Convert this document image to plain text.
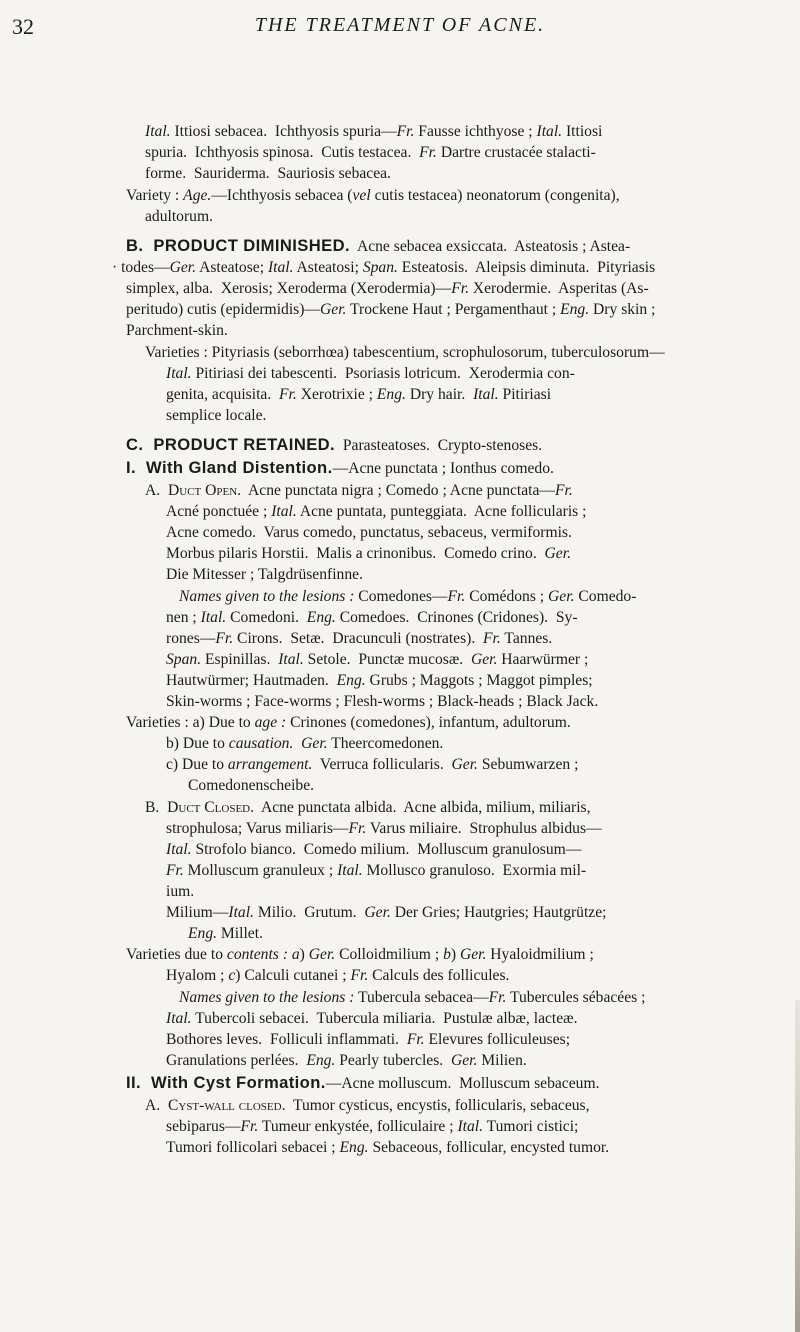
32	THE TREATMENT OF ACNE.
Ital. Ittiosi sebacea.  Ichthyosis spuria—Fr. Fausse ichthyose ; Ital. Ittiosi
spuria.  Ichthyosis spinosa.  Cutis testacea.  Fr. Dartre crustacée stalacti-
forme.  Sauriderma.  Sauriosis sebacea.
Variety : Age.—Ichthyosis sebacea (vel cutis testacea) neonatorum (congenita),
adultorum.
B.  PRODUCT DIMINISHED.  Acne sebacea exsiccata.  Asteatosis ; Astea-
· todes—Ger. Asteatose; Ital. Asteatosi; Span. Esteatosis.  Aleipsis diminuta.  Pityriasis
simplex, alba.  Xerosis; Xeroderma (Xerodermia)—Fr. Xerodermie.  Asperitas (As-
peritudo) cutis (epidermidis)—Ger. Trockene Haut ; Pergamenthaut ; Eng. Dry skin ;
Parchment-skin.
Varieties : Pityriasis (seborrhœa) tabescentium, scrophulosorum, tuberculosorum—
Ital. Pitiriasi dei tabescenti.  Psoriasis lotricum.  Xerodermia con-
genita, acquisita.  Fr. Xerotrixie ; Eng. Dry hair.  Ital. Pitiriasi
semplice locale.
C.  PRODUCT RETAINED.  Parasteatoses.  Crypto-stenoses.
I.  With Gland Distention.—Acne punctata ; Ionthus comedo.
A.  Duct Open.  Acne punctata nigra ; Comedo ; Acne punctata—Fr.
Acné ponctuée ; Ital. Acne puntata, punteggiata.  Acne follicularis ;
Acne comedo.  Varus comedo, punctatus, sebaceus, vermiformis.
Morbus pilaris Horstii.  Malis a crinonibus.  Comedo crino.  Ger.
Die Mitesser ; Talgdrüsenfinne.
Names given to the lesions : Comedones—Fr. Comédons ; Ger. Comedo-
nen ; Ital. Comedoni.  Eng. Comedoes.  Crinones (Cridones).  Sy-
rones—Fr. Cirons.  Setæ.  Dracunculi (nostrates).  Fr. Tannes.
Span. Espinillas.  Ital. Setole.  Punctæ mucosæ.  Ger. Haarwürmer ;
Hautwürmer; Hautmaden.  Eng. Grubs ; Maggots ; Maggot pimples;
Skin-worms ; Face-worms ; Flesh-worms ; Black-heads ; Black Jack.
Varieties : a) Due to age : Crinones (comedones), infantum, adultorum.
b) Due to causation. Ger. Theercomedonen.
c) Due to arrangement.  Verruca follicularis.  Ger. Sebumwarzen ;
Comedonenscheibe.
B.  Duct Closed.  Acne punctata albida.  Acne albida, milium, miliaris,
strophulosa; Varus miliaris—Fr. Varus miliaire.  Strophulus albidus—
Ital. Strofolo bianco.  Comedo milium.  Molluscum granulosum—
Fr. Molluscum granuleux ; Ital. Mollusco granuloso.  Exormia mil-
ium.
Milium—Ital. Milio.  Grutum.  Ger. Der Gries; Hautgries; Hautgrütze;
Eng. Millet.
Varieties due to contents : a) Ger. Colloidmilium ; b) Ger. Hyaloidmilium ;
Hyalom ; c) Calculi cutanei ; Fr. Calculs des follicules.
Names given to the lesions : Tubercula sebacea—Fr. Tubercules sébacées ;
Ital. Tubercoli sebacei.  Tubercula miliaria.  Pustulæ albæ, lacteæ.
Bothores leves.  Folliculi inflammati.  Fr. Elevures folliculeuses;
Granulations perlées.  Eng. Pearly tubercles.  Ger. Milien.
II.  With Cyst Formation.—Acne molluscum.  Molluscum sebaceum.
A.  Cyst-wall closed.  Tumor cysticus, encystis, follicularis, sebaceus,
sebiparus—Fr. Tumeur enkystée, folliculaire ; Ital. Tumori cistici;
Tumori follicolari sebacei ; Eng. Sebaceous, follicular, encysted tumor.
